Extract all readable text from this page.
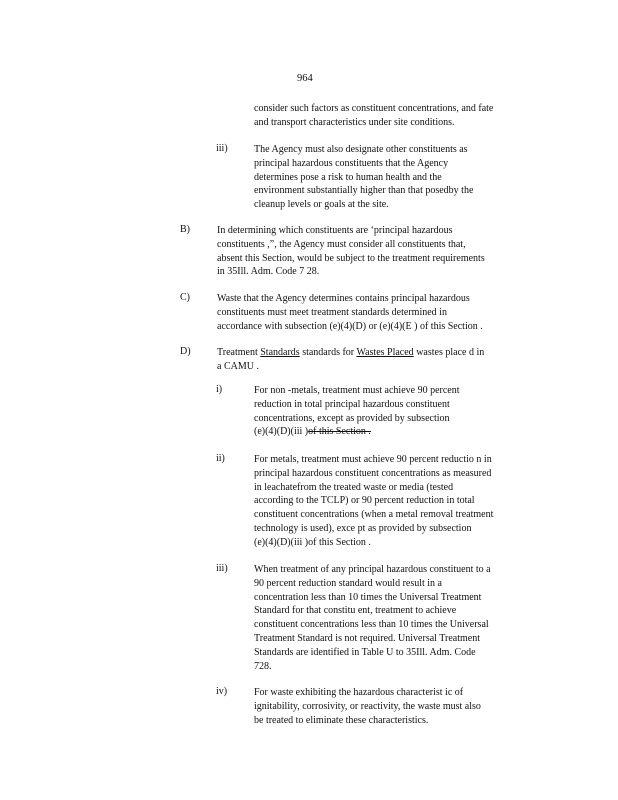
964
consider such factors as constituent concentrations, and fate
and transport characteristics under site conditions.
iii)	The Agency must also designate other constituents as
principal hazardous constituents that the Agency
determines pose a risk to human health and the
environment substantially higher than that posedby the
cleanup levels or goals at the site.
B)	In determining which constituents are ‘principal hazardous
constituents ,”, the Agency must consider all constituents that,
absent this Section, would be subject to the treatment requirements
in 35Ill. Adm. Code 7 28.
C)	Waste that the Agency determines contains principal hazardous
constituents must meet treatment standards determined in
accordance with subsection (e)(4)(D) or (e)(4)(E ) of this Section .
D)	Treatment Standards standards for Wastes Placed wastes place d in
a CAMU .
i)	For non -metals, treatment must achieve 90 percent
reduction in total principal hazardous constituent
concentrations, except as provided by subsection
(e)(4)(D)(iii )of this Section .
ii)	For metals, treatment must achieve 90 percent reductio n in
principal hazardous constituent concentrations as measured
in leachatefrom the treated waste or media (tested
according to the TCLP) or 90 percent reduction in total
constituent concentrations (when a metal removal treatment
technology is used), exce pt as provided by subsection
(e)(4)(D)(iii )of this Section .
iii)	When treatment of any principal hazardous constituent to a
90 percent reduction standard would result in a
concentration less than 10 times the Universal Treatment
Standard for that constitu ent, treatment to achieve
constituent concentrations less than 10 times the Universal
Treatment Standard is not required. Universal Treatment
Standards are identified in Table U to 35Ill. Adm. Code
728.
iv)	For waste exhibiting the hazardous characterist ic of
ignitability, corrosivity, or reactivity, the waste must also
be treated to eliminate these characteristics.
